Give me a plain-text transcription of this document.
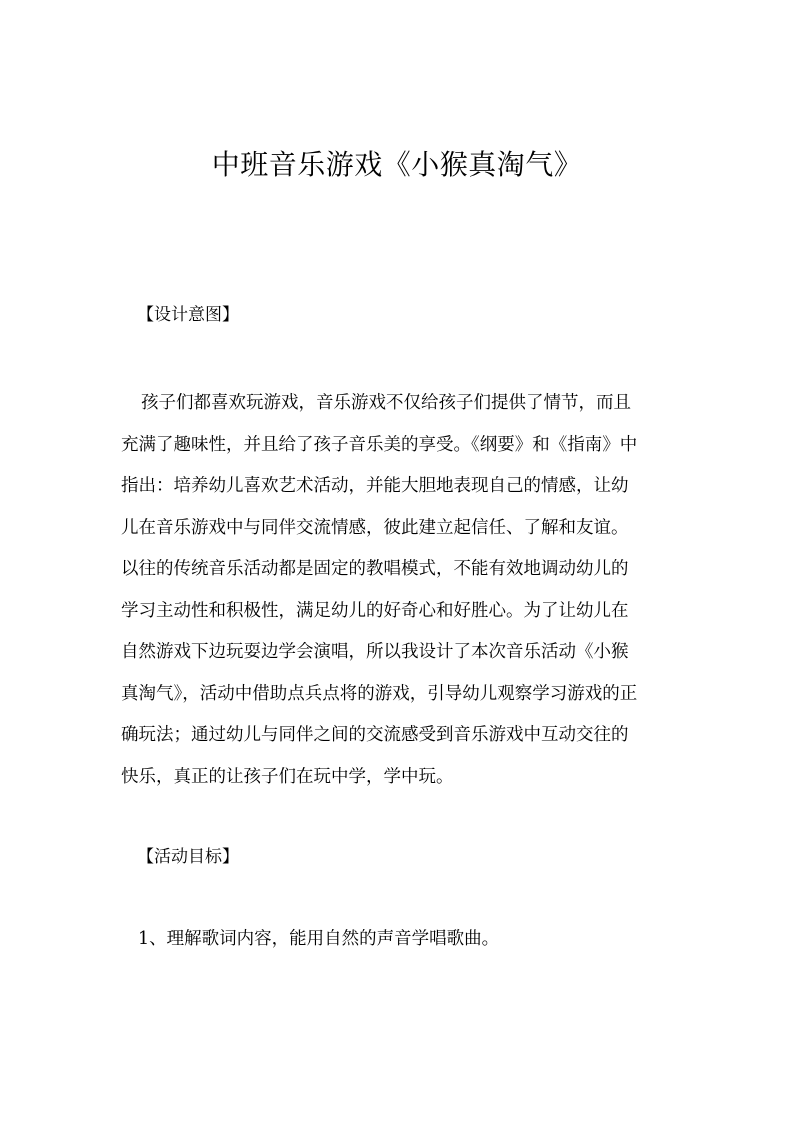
中班音乐游戏《小猴真淘气》
【设计意图】
孩子们都喜欢玩游戏，音乐游戏不仅给孩子们提供了情节，而且
充满了趣味性，并且给了孩子音乐美的享受。《纲要》和《指南》中
指出：培养幼儿喜欢艺术活动，并能大胆地表现自己的情感，让幼
儿在音乐游戏中与同伴交流情感，彼此建立起信任、了解和友谊。
以往的传统音乐活动都是固定的教唱模式，不能有效地调动幼儿的
学习主动性和积极性，满足幼儿的好奇心和好胜心。为了让幼儿在
自然游戏下边玩耍边学会演唱，所以我设计了本次音乐活动《小猴
真淘气》，活动中借助点兵点将的游戏，引导幼儿观察学习游戏的正
确玩法；通过幼儿与同伴之间的交流感受到音乐游戏中互动交往的
快乐，真正的让孩子们在玩中学，学中玩。
【活动目标】

1、理解歌词内容，能用自然的声音学唱歌曲。
